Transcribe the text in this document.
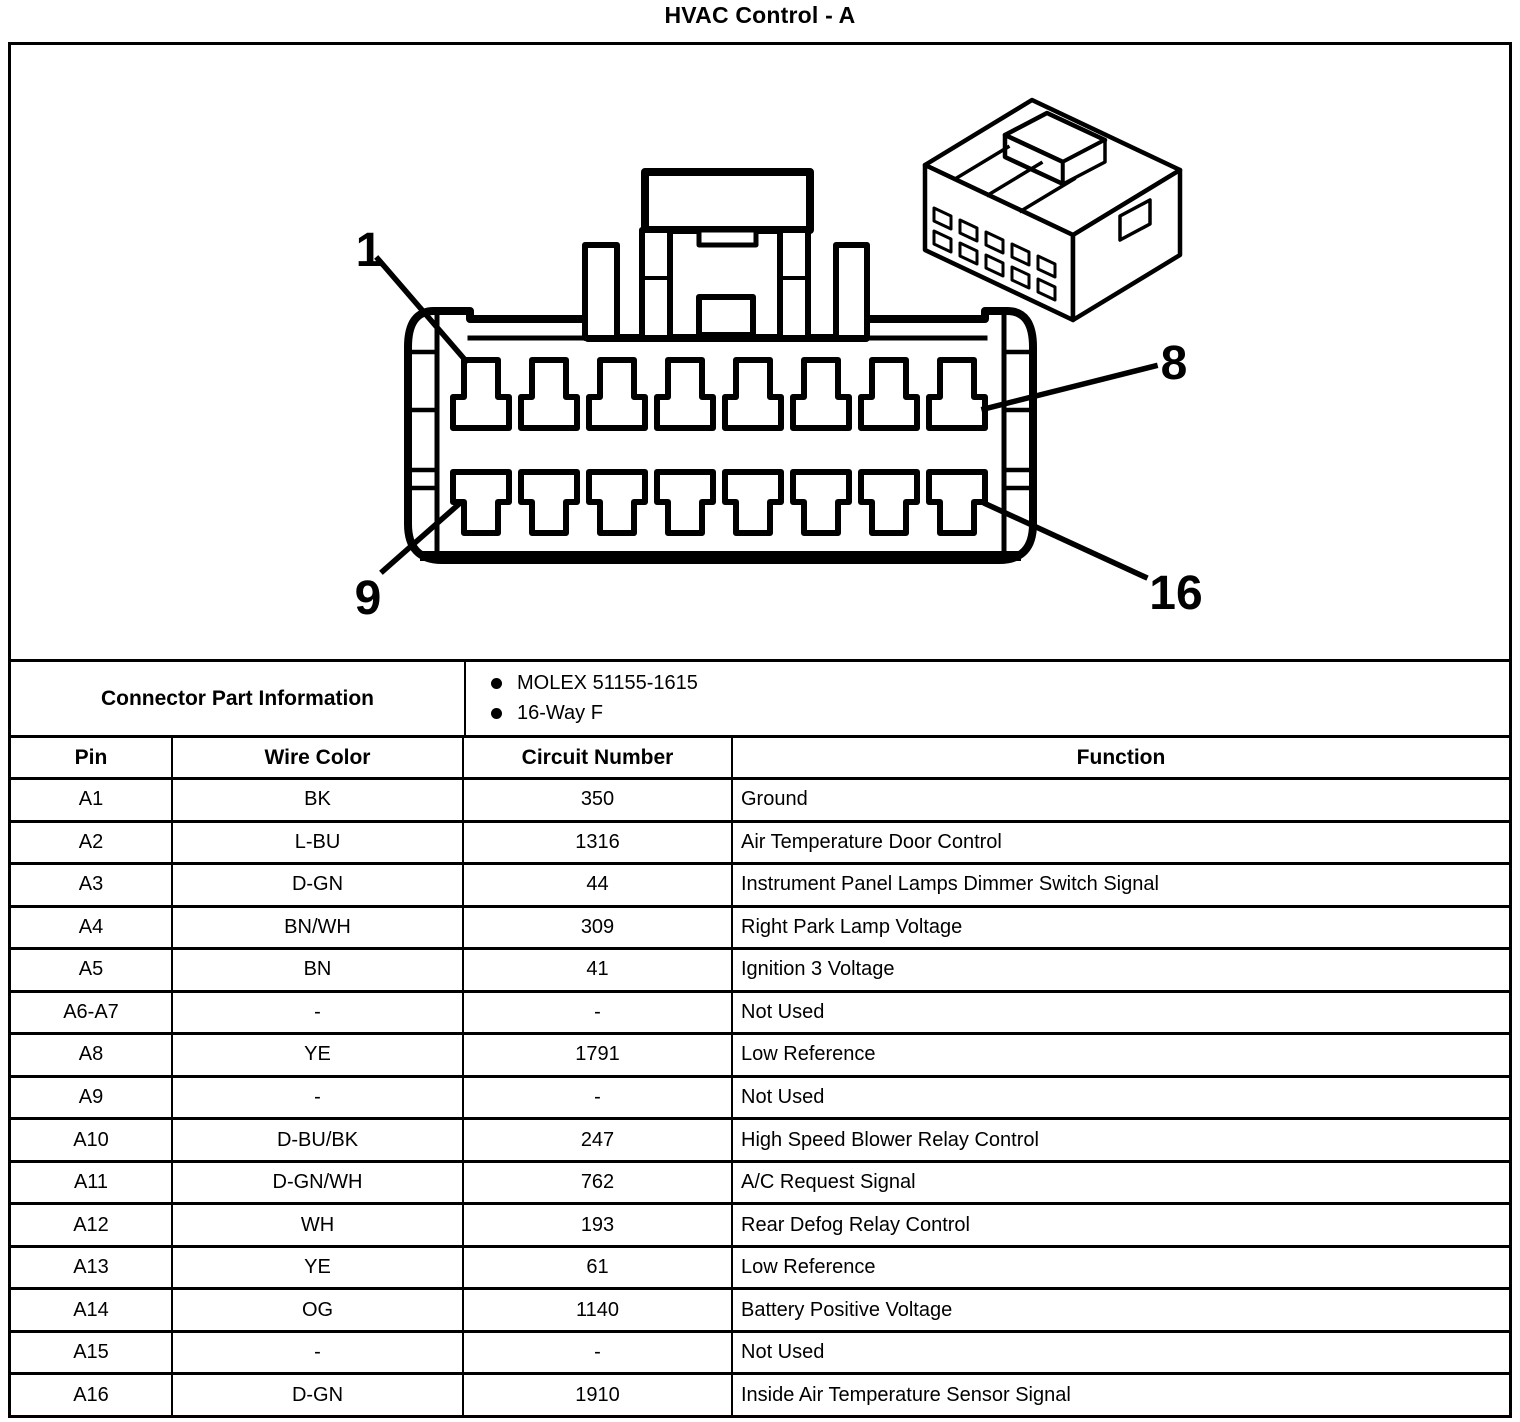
HVAC Control - A
1
8
9	16
Connector Part Information
MOLEX 51155-1615
16-Way F
Pin	Wire Color	Circuit Number	Function
A1	BK	350	Ground
A2	L-BU	1316	Air Temperature Door Control
A3	D-GN	44	Instrument Panel Lamps Dimmer Switch Signal
A4	BN/WH	309	Right Park Lamp Voltage
A5	BN	41	Ignition 3 Voltage
A6-A7	-	-	Not Used
A8	YE	1791	Low Reference
A9	-	-	Not Used
A10	D-BU/BK	247	High Speed Blower Relay Control
A11	D-GN/WH	762	A/C Request Signal
A12	WH	193	Rear Defog Relay Control
A13	YE	61	Low Reference
A14	OG	1140	Battery Positive Voltage
A15	-	-	Not Used
A16	D-GN	1910	Inside Air Temperature Sensor Signal
